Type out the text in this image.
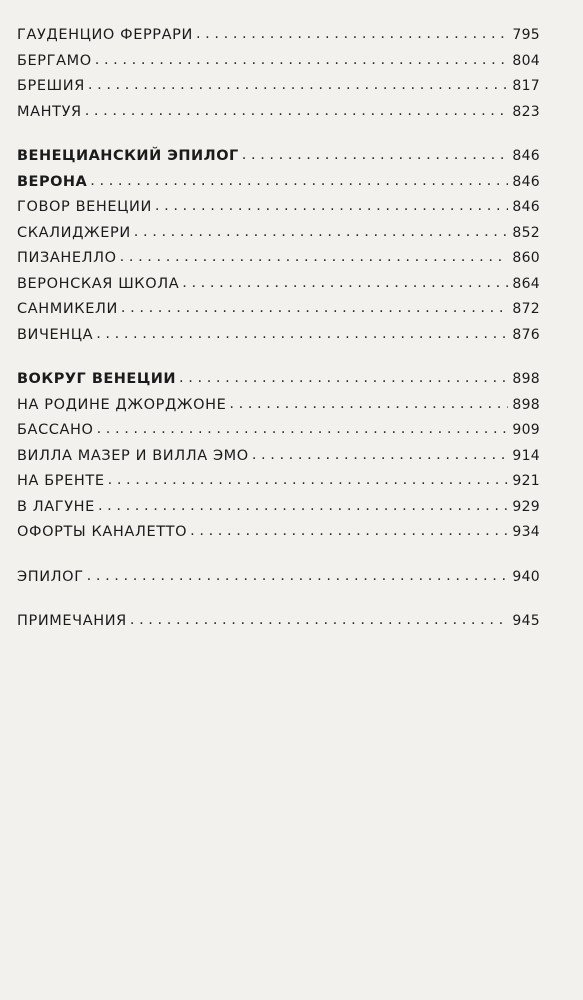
ГАУДЕНЦИО ФЕРРАРИ . . .	795
БЕРГАМО . . .	804
БРЕШИЯ . . .	817
МАНТУЯ . . .	823
ВЕНЕЦИАНСКИЙ ЭПИЛОГ . . .	846
ВЕРОНА . . .	846
ГОВОР ВЕНЕЦИИ . . .	846
СКАЛИДЖЕРИ . . .	852
ПИЗАНЕЛЛО . . .	860
ВЕРОНСКАЯ ШКОЛА . . .	864
САНМИКЕЛИ . . .	872
ВИЧЕНЦА . . .	876
ВОКРУГ ВЕНЕЦИИ . . .	898
НА РОДИНЕ ДЖОРДЖОНЕ . . .	898
БАССАНО . . .	909
ВИЛЛА МАЗЕР И ВИЛЛА ЭМО . . .	914
НА БРЕНТЕ . . .	921
В ЛАГУНЕ . . .	929
ОФОРТЫ КАНАЛЕТТО . . .	934
ЭПИЛОГ . . .	940
ПРИМЕЧАНИЯ . . .	945
